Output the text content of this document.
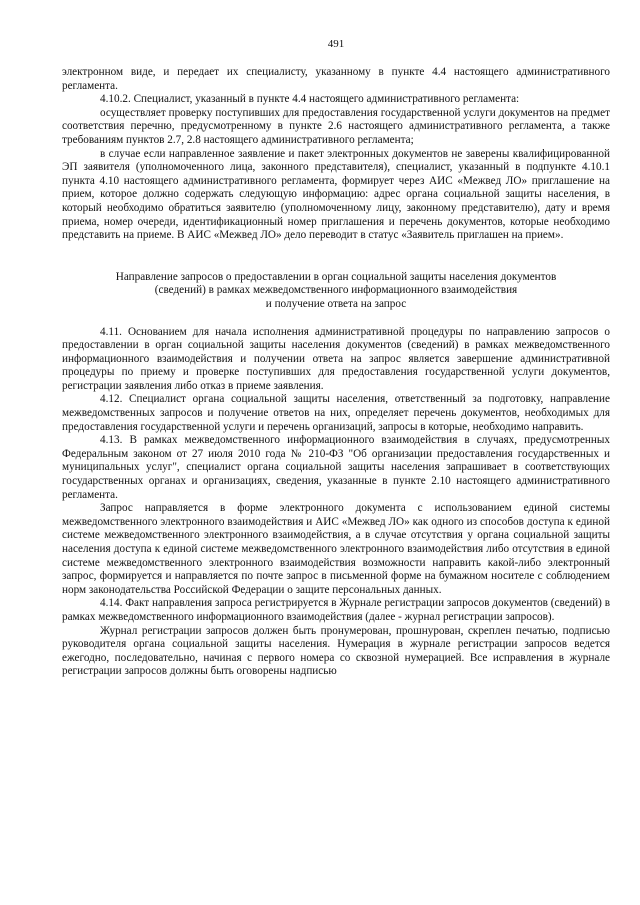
491

электронном виде, и передает их специалисту, указанному в пункте 4.4 настоящего административного регламента.

4.10.2. Специалист, указанный в пункте 4.4 настоящего административного регламента:

осуществляет проверку поступивших для предоставления государственной услуги документов на предмет соответствия перечню, предусмотренному в пункте 2.6 настоящего административного регламента, а также требованиям пунктов 2.7, 2.8 настоящего административного регламента;

в случае если направленное заявление и пакет электронных документов не заверены квалифицированной ЭП заявителя (уполномоченного лица, законного представителя), специалист, указанный в подпункте 4.10.1 пункта 4.10 настоящего административного регламента, формирует через АИС «Межвед ЛО» приглашение на прием, которое должно содержать следующую информацию: адрес органа социальной защиты населения, в который необходимо обратиться заявителю (уполномоченному лицу, законному представителю), дату и время приема, номер очереди, идентификационный номер приглашения и перечень документов, которые необходимо представить на приеме. В АИС «Межвед ЛО» дело переводит в статус «Заявитель приглашен на прием».

Направление запросов о предоставлении в орган социальной защиты населения документов
(сведений) в рамках межведомственного информационного взаимодействия
и получение ответа на запрос

4.11. Основанием для начала исполнения административной процедуры по направлению запросов о предоставлении в орган социальной защиты населения документов (сведений) в рамках межведомственного информационного взаимодействия и получении ответа на запрос является завершение административной процедуры по приему и проверке поступивших для предоставления государственной услуги документов, регистрации заявления либо отказ в приеме заявления.

4.12. Специалист органа социальной защиты населения, ответственный за подготовку, направление межведомственных запросов и получение ответов на них, определяет перечень документов, необходимых для предоставления государственной услуги и перечень организаций, запросы в которые, необходимо направить.

4.13. В рамках межведомственного информационного взаимодействия в случаях, предусмотренных Федеральным законом от 27 июля 2010 года № 210-ФЗ "Об организации предоставления государственных и муниципальных услуг", специалист органа социальной защиты населения запрашивает в соответствующих государственных органах и организациях, сведения, указанные в пункте 2.10 настоящего административного регламента.

Запрос направляется в форме электронного документа с использованием единой системы межведомственного электронного взаимодействия и АИС «Межвед ЛО» как одного из способов доступа к единой системе межведомственного электронного взаимодействия, а в случае отсутствия у органа социальной защиты населения доступа к единой системе межведомственного электронного взаимодействия либо отсутствия в единой системе межведомственного электронного взаимодействия возможности направить какой-либо электронный запрос, формируется и направляется по почте запрос в письменной форме на бумажном носителе с соблюдением норм законодательства Российской Федерации о защите персональных данных.

4.14. Факт направления запроса регистрируется в Журнале регистрации запросов документов (сведений) в рамках межведомственного информационного взаимодействия (далее - журнал регистрации запросов).

Журнал регистрации запросов должен быть пронумерован, прошнурован, скреплен печатью, подписью руководителя органа социальной защиты населения. Нумерация в журнале регистрации запросов ведется ежегодно, последовательно, начиная с первого номера со сквозной нумерацией. Все исправления в журнале регистрации запросов должны быть оговорены надписью
